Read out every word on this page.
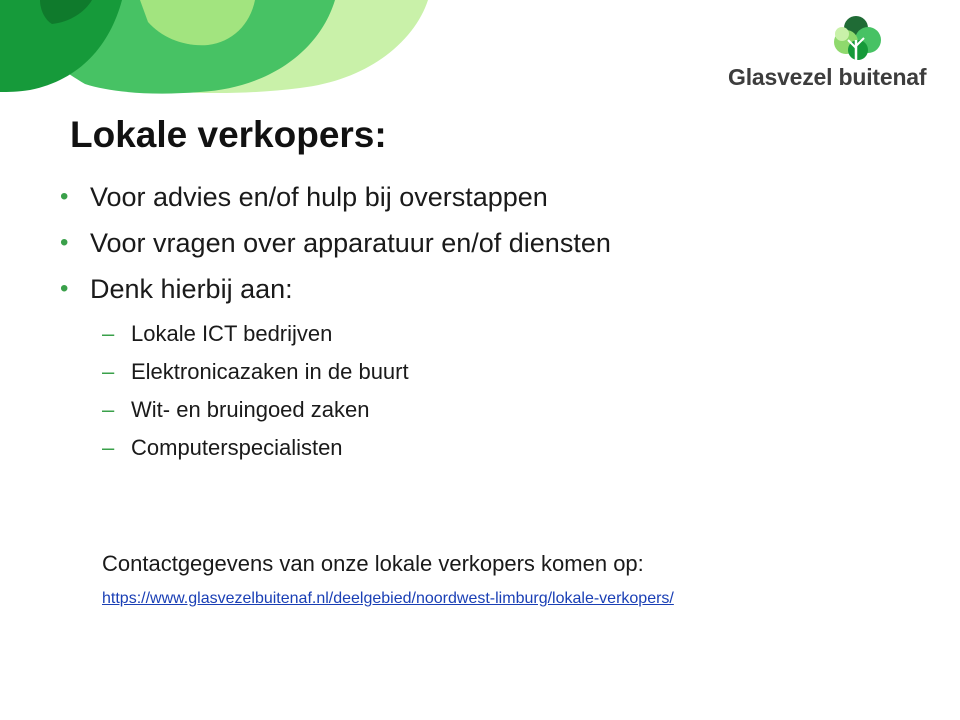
Glasvezel buitenaf
Lokale verkopers:
• Voor advies en/of hulp bij overstappen
• Voor vragen over apparatuur en/of diensten
• Denk hierbij aan:
– Lokale ICT bedrijven
– Elektronicazaken in de buurt
– Wit- en bruingoed zaken
– Computerspecialisten
Contactgegevens van onze lokale verkopers komen op:
https://www.glasvezelbuitenaf.nl/deelgebied/noordwest-limburg/lokale-verkopers/
